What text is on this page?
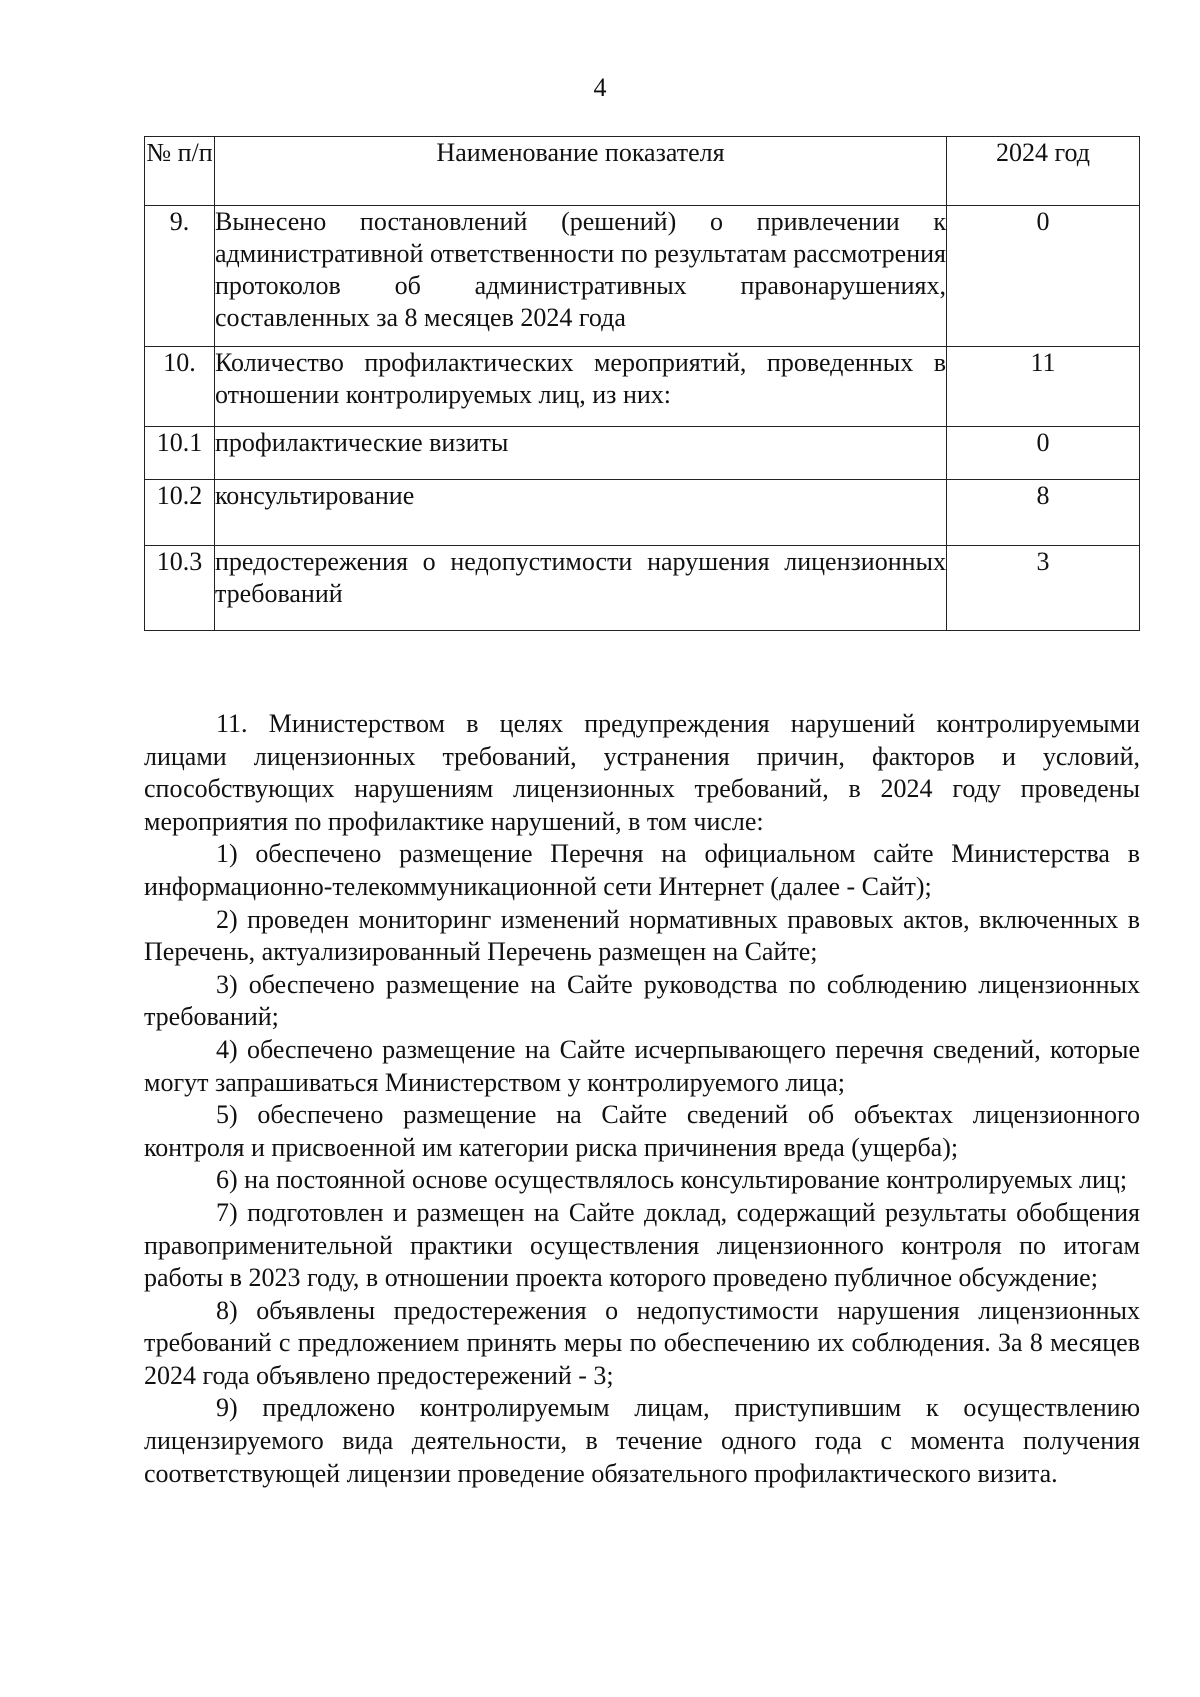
4
№ п/п	Наименование показателя	2024 год
9.	Вынесено постановлений (решений) о привлечении к административной ответственности по результатам рассмотрения протоколов об административных правонарушениях, составленных за 8 месяцев 2024 года	0
10.	Количество профилактических мероприятий, проведенных в отношении контролируемых лиц, из них:	11
10.1	профилактические визиты	0
10.2	консультирование	8
10.3	предостережения о недопустимости нарушения лицензионных требований	3

11. Министерством в целях предупреждения нарушений контролируемыми лицами лицензионных требований, устранения причин, факторов и условий, способствующих нарушениям лицензионных требований, в 2024 году проведены мероприятия по профилактике нарушений, в том числе:

1) обеспечено размещение Перечня на официальном сайте Министерства в информационно-телекоммуникационной сети Интернет (далее - Сайт);

2) проведен мониторинг изменений нормативных правовых актов, включенных в Перечень, актуализированный Перечень размещен на Сайте;

3) обеспечено размещение на Сайте руководства по соблюдению лицензионных требований;

4) обеспечено размещение на Сайте исчерпывающего перечня сведений, которые могут запрашиваться Министерством у контролируемого лица;

5) обеспечено размещение на Сайте сведений об объектах лицензионного контроля и присвоенной им категории риска причинения вреда (ущерба);

6) на постоянной основе осуществлялось консультирование контролируемых лиц;

7) подготовлен и размещен на Сайте доклад, содержащий результаты обобщения правоприменительной практики осуществления лицензионного контроля по итогам работы в 2023 году, в отношении проекта которого проведено публичное обсуждение;

8) объявлены предостережения о недопустимости нарушения лицензионных требований с предложением принять меры по обеспечению их соблюдения. За 8 месяцев 2024 года объявлено предостережений - 3;

9) предложено контролируемым лицам, приступившим к осуществлению лицензируемого вида деятельности, в течение одного года с момента получения соответствующей лицензии проведение обязательного профилактического визита.
